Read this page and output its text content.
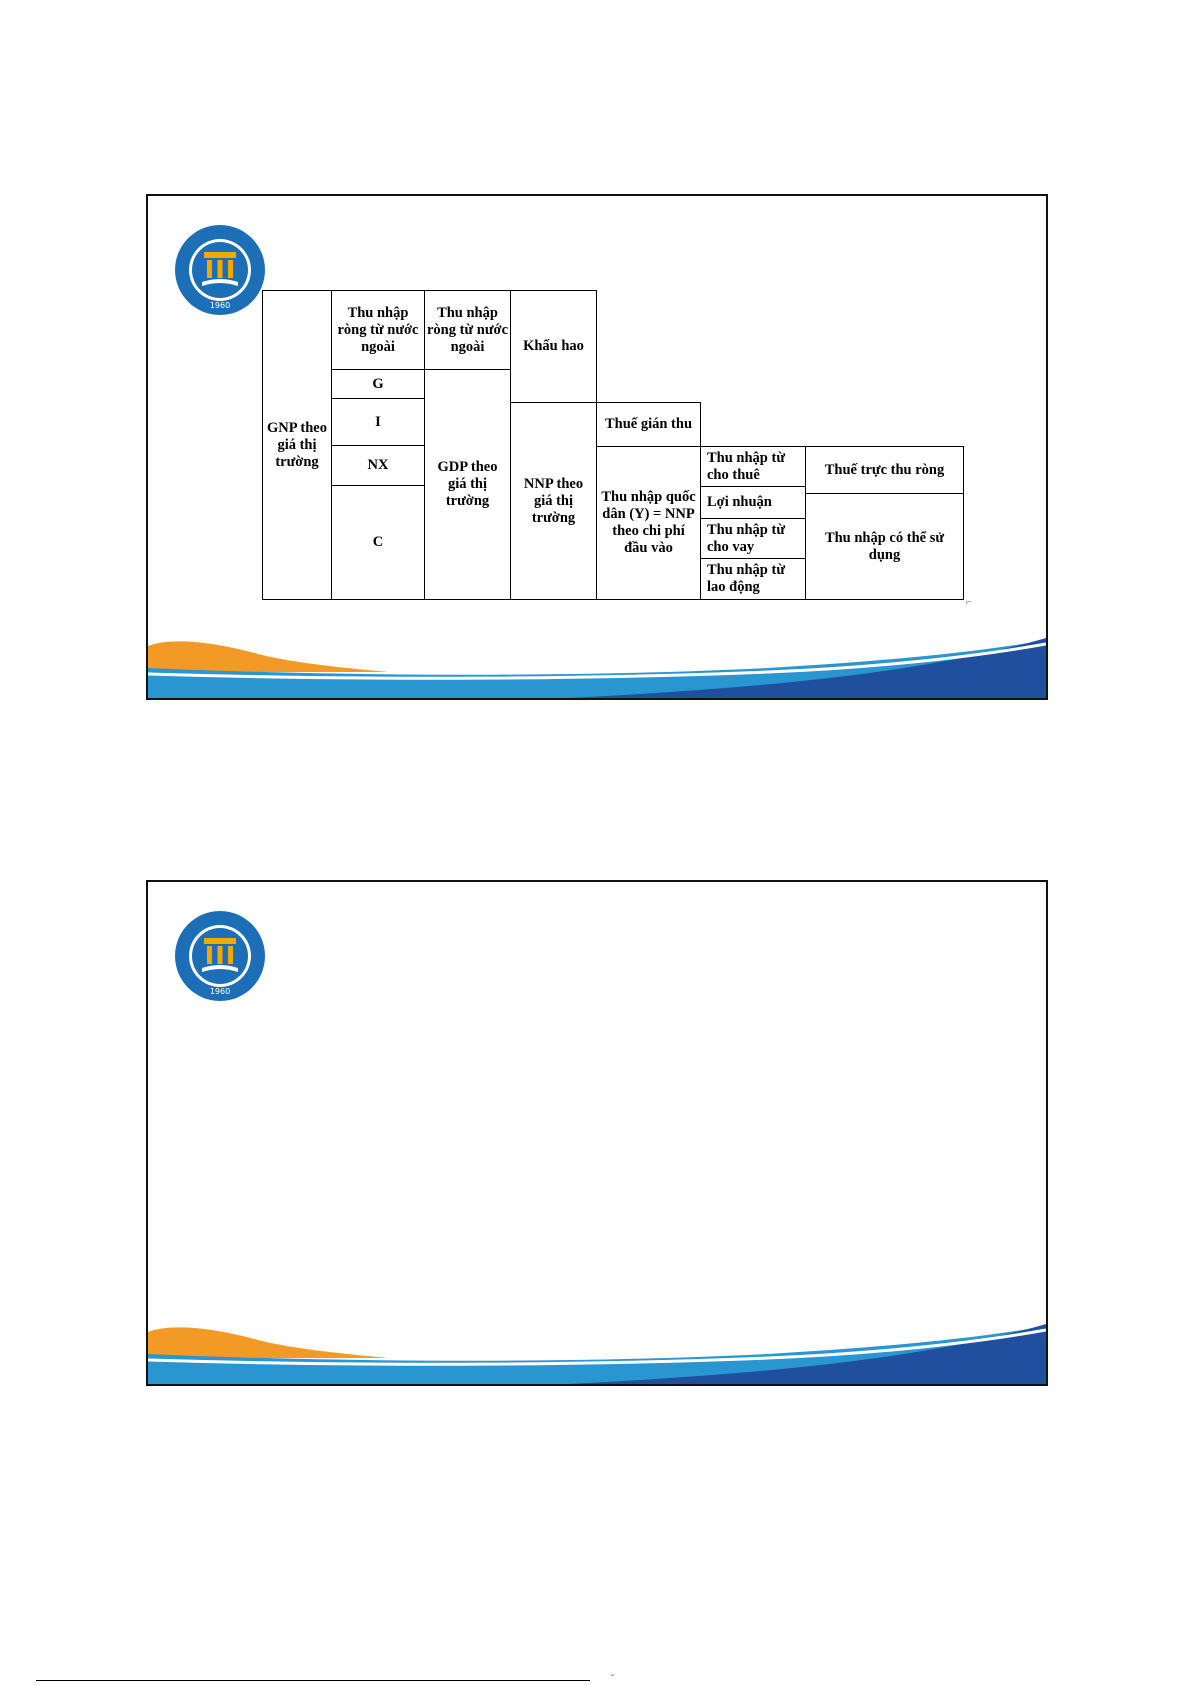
1960
GNP theo giá thị trường
Thu nhập ròng từ nước ngoài
G
I
NX
C
Thu nhập ròng từ nước ngoài
GDP theo giá thị trường
Khấu hao
NNP theo giá thị trường
Thuế gián thu
Thu nhập quốc dân (Y) = NNP theo chi phí đầu vào
Thu nhập từ cho thuê
Lợi nhuận
Thu nhập từ cho vay
Thu nhập từ lao động
Thuế trực thu ròng
Thu nhập có thể sử dụng
⌐
1960
ˆ
